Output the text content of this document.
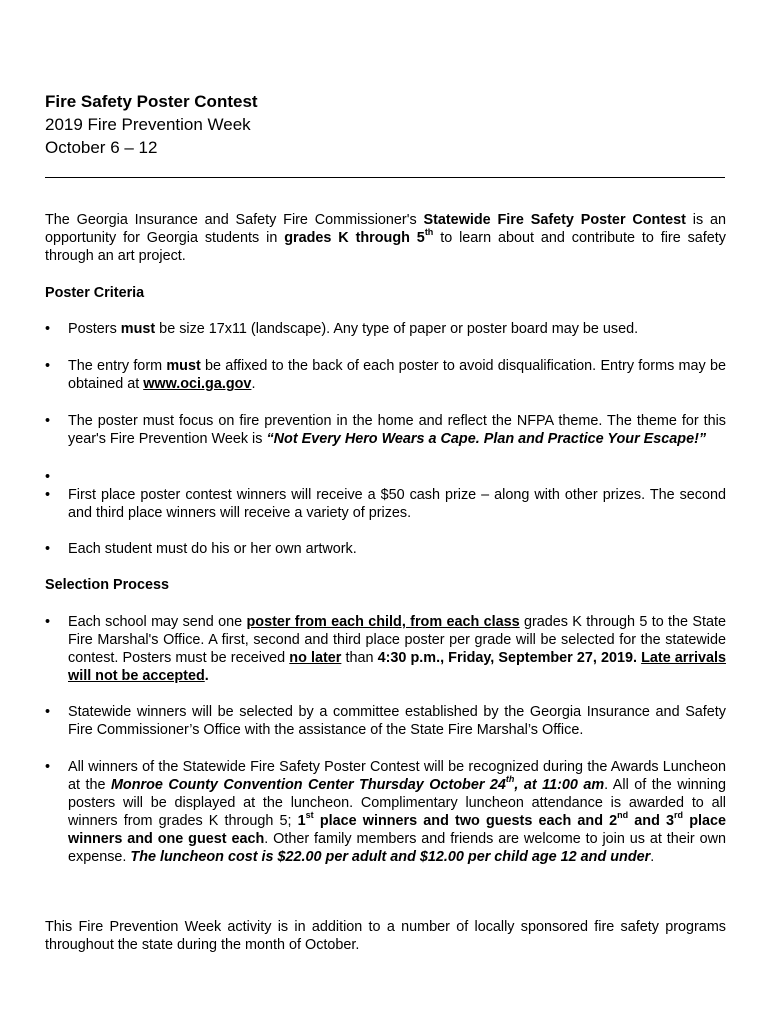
Fire Safety Poster Contest
2019 Fire Prevention Week
October 6 – 12
The Georgia Insurance and Safety Fire Commissioner's Statewide Fire Safety Poster Contest is an opportunity for Georgia students in grades K through 5th to learn about and contribute to fire safety through an art project.
Poster Criteria
•	Posters must be size 17x11 (landscape). Any type of paper or poster board may be used.
•	The entry form must be affixed to the back of each poster to avoid disqualification. Entry forms may be obtained at www.oci.ga.gov.
•	The poster must focus on fire prevention in the home and reflect the NFPA theme. The theme for this year's Fire Prevention Week is “Not Every Hero Wears a Cape. Plan and Practice Your Escape!”
•
•	First place poster contest winners will receive a $50 cash prize – along with other prizes. The second and third place winners will receive a variety of prizes.
•	Each student must do his or her own artwork.
Selection Process
•	Each school may send one poster from each child, from each class grades K through 5 to the State Fire Marshal's Office. A first, second and third place poster per grade will be selected for the statewide contest. Posters must be received no later than 4:30 p.m., Friday, September 27, 2019. Late arrivals will not be accepted.
•	Statewide winners will be selected by a committee established by the Georgia Insurance and Safety Fire Commissioner’s Office with the assistance of the State Fire Marshal’s Office.
•	All winners of the Statewide Fire Safety Poster Contest will be recognized during the Awards Luncheon at the Monroe County Convention Center Thursday October 24th, at 11:00 am. All of the winning posters will be displayed at the luncheon. Complimentary luncheon attendance is awarded to all winners from grades K through 5; 1st place winners and two guests each and 2nd and 3rd place winners and one guest each. Other family members and friends are welcome to join us at their own expense. The luncheon cost is $22.00 per adult and $12.00 per child age 12 and under.
This Fire Prevention Week activity is in addition to a number of locally sponsored fire safety programs throughout the state during the month of October.
